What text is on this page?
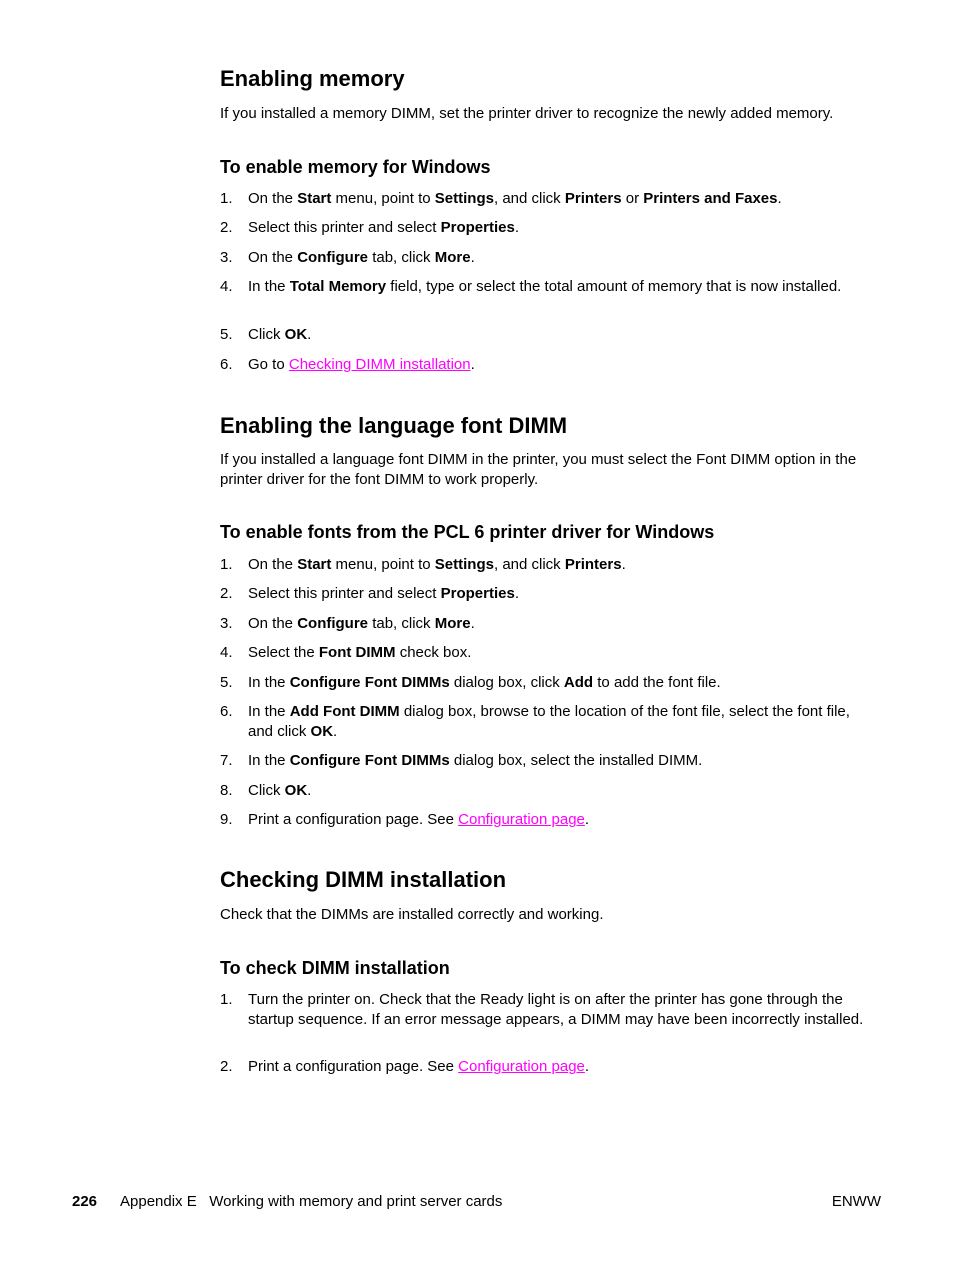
Enabling memory

If you installed a memory DIMM, set the printer driver to recognize the newly added memory.

To enable memory for Windows
1.	On the Start menu, point to Settings, and click Printers or Printers and Faxes.
2.	Select this printer and select Properties.
3.	On the Configure tab, click More.
4.	In the Total Memory field, type or select the total amount of memory that is now installed.
5.	Click OK.
6.	Go to Checking DIMM installation.
Enabling the language font DIMM

If you installed a language font DIMM in the printer, you must select the Font DIMM option in the printer driver for the font DIMM to work properly.

To enable fonts from the PCL 6 printer driver for Windows
1.	On the Start menu, point to Settings, and click Printers.
2.	Select this printer and select Properties.
3.	On the Configure tab, click More.
4.	Select the Font DIMM check box.
5.	In the Configure Font DIMMs dialog box, click Add to add the font file.
6.	In the Add Font DIMM dialog box, browse to the location of the font file, select the font file, and click OK.
7.	In the Configure Font DIMMs dialog box, select the installed DIMM.
8.	Click OK.
9.	Print a configuration page. See Configuration page.
Checking DIMM installation

Check that the DIMMs are installed correctly and working.

To check DIMM installation
1.	Turn the printer on. Check that the Ready light is on after the printer has gone through the startup sequence. If an error message appears, a DIMM may have been incorrectly installed.
2.	Print a configuration page. See Configuration page.
226 Appendix E   Working with memory and print server cards	ENWW
